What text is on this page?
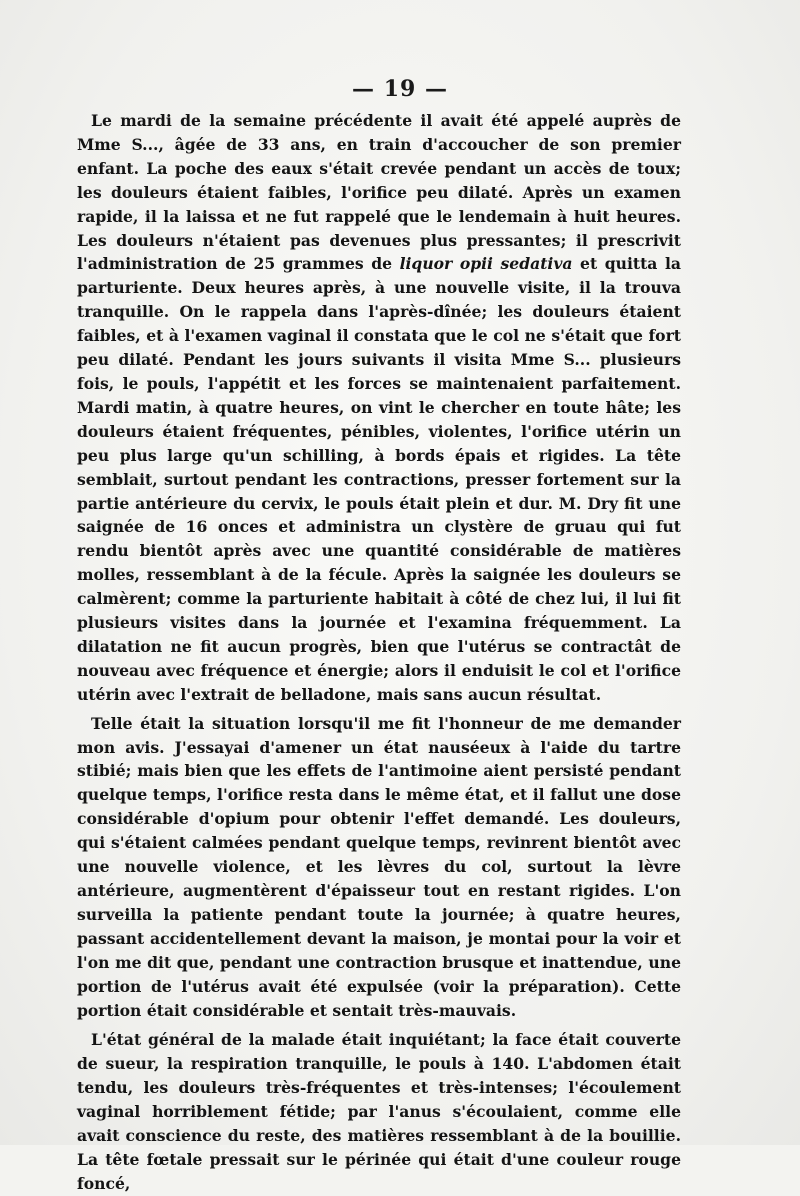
— 19 —

Le mardi de la semaine précédente il avait été appelé auprès de Mme S..., âgée de 33 ans, en train d'accoucher de son premier enfant. La poche des eaux s'était crevée pendant un accès de toux; les douleurs étaient faibles, l'orifice peu dilaté. Après un examen rapide, il la laissa et ne fut rappelé que le lendemain à huit heures. Les douleurs n'étaient pas devenues plus pressantes; il prescrivit l'administration de 25 grammes de liquor opii sedativa et quitta la parturiente. Deux heures après, à une nouvelle visite, il la trouva tranquille. On le rappela dans l'après-dînée; les douleurs étaient faibles, et à l'examen vaginal il constata que le col ne s'était que fort peu dilaté. Pendant les jours suivants il visita Mme S... plusieurs fois, le pouls, l'appétit et les forces se maintenaient parfaitement. Mardi matin, à quatre heures, on vint le chercher en toute hâte; les douleurs étaient fréquentes, pénibles, violentes, l'orifice utérin un peu plus large qu'un schilling, à bords épais et rigides. La tête semblait, surtout pendant les contractions, presser fortement sur la partie antérieure du cervix, le pouls était plein et dur. M. Dry fit une saignée de 16 onces et administra un clystère de gruau qui fut rendu bientôt après avec une quantité considérable de matières molles, ressemblant à de la fécule. Après la saignée les douleurs se calmèrent; comme la parturiente habitait à côté de chez lui, il lui fit plusieurs visites dans la journée et l'examina fréquemment. La dilatation ne fit aucun progrès, bien que l'utérus se contractât de nouveau avec fréquence et énergie; alors il enduisit le col et l'orifice utérin avec l'extrait de belladone, mais sans aucun résultat.

Telle était la situation lorsqu'il me fit l'honneur de me demander mon avis. J'essayai d'amener un état nauséeux à l'aide du tartre stibié; mais bien que les effets de l'antimoine aient persisté pendant quelque temps, l'orifice resta dans le même état, et il fallut une dose considérable d'opium pour obtenir l'effet demandé. Les douleurs, qui s'étaient calmées pendant quelque temps, revinrent bientôt avec une nouvelle violence, et les lèvres du col, surtout la lèvre antérieure, augmentèrent d'épaisseur tout en restant rigides. L'on surveilla la patiente pendant toute la journée; à quatre heures, passant accidentellement devant la maison, je montai pour la voir et l'on me dit que, pendant une contraction brusque et inattendue, une portion de l'utérus avait été expulsée (voir la préparation). Cette portion était considérable et sentait très-mauvais.

L'état général de la malade était inquiétant; la face était couverte de sueur, la respiration tranquille, le pouls à 140. L'abdomen était tendu, les douleurs très-fréquentes et très-intenses; l'écoulement vaginal horriblement fétide; par l'anus s'écoulaient, comme elle avait conscience du reste, des matières ressemblant à de la bouillie. La tête fœtale pressait sur le périnée qui était d'une couleur rouge foncé,
